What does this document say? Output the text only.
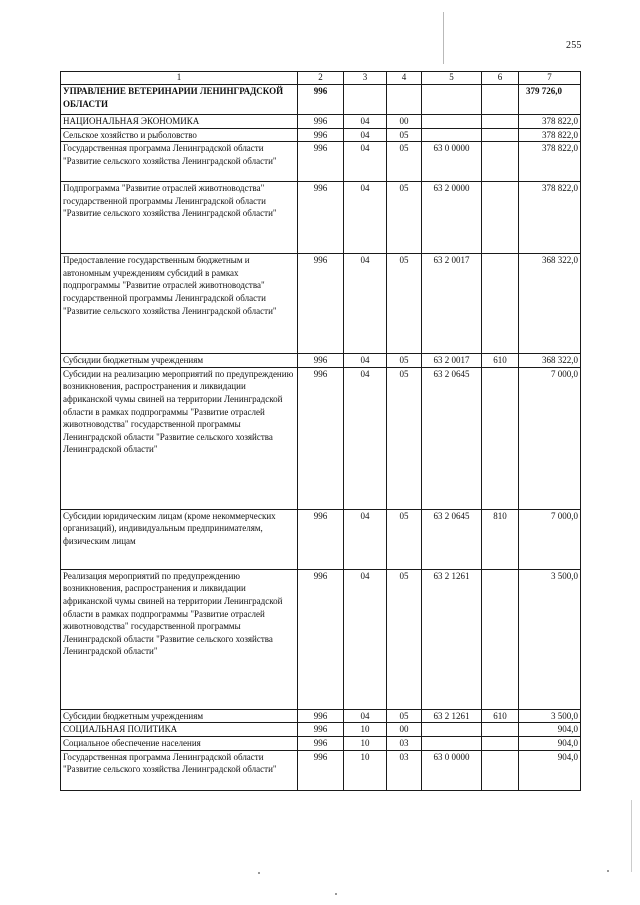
255
1	2	3	4	5	6	7
УПРАВЛЕНИЕ ВЕТЕРИНАРИИ ЛЕНИНГРАДСКОЙ ОБЛАСТИ	996					379 726,0
НАЦИОНАЛЬНАЯ ЭКОНОМИКА	996	04	00			378 822,0
Сельское хозяйство и рыболовство	996	04	05			378 822,0
Государственная программа Ленинградской области "Развитие сельского хозяйства Ленинградской области"	996	04	05	63 0 0000		378 822,0
Подпрограмма "Развитие отраслей животноводства" государственной программы Ленинградской области "Развитие сельского хозяйства Ленинградской области"	996	04	05	63 2 0000		378 822,0
Предоставление государственным бюджетным и автономным учреждениям субсидий в рамках подпрограммы "Развитие отраслей животноводства" государственной программы Ленинградской области "Развитие сельского хозяйства Ленинградской области"	996	04	05	63 2 0017		368 322,0
Субсидии бюджетным учреждениям	996	04	05	63 2 0017	610	368 322,0
Субсидии на реализацию мероприятий по предупреждению возникновения, распространения и ликвидации африканской чумы свиней на территории Ленинградской области в рамках подпрограммы "Развитие отраслей животноводства" государственной программы Ленинградской области "Развитие сельского хозяйства Ленинградской области"	996	04	05	63 2 0645		7 000,0
Субсидии юридическим лицам (кроме некоммерческих организаций), индивидуальным предпринимателям, физическим лицам	996	04	05	63 2 0645	810	7 000,0
Реализация мероприятий по предупреждению возникновения, распространения и ликвидации африканской чумы свиней на территории Ленинградской области в рамках подпрограммы "Развитие отраслей животноводства" государственной программы Ленинградской области "Развитие сельского хозяйства Ленинградской области"	996	04	05	63 2 1261		3 500,0
Субсидии бюджетным учреждениям	996	04	05	63 2 1261	610	3 500,0
СОЦИАЛЬНАЯ ПОЛИТИКА	996	10	00			904,0
Социальное обеспечение населения	996	10	03			904,0
Государственная программа Ленинградской области "Развитие сельского хозяйства Ленинградской области"	996	10	03	63 0 0000		904,0
